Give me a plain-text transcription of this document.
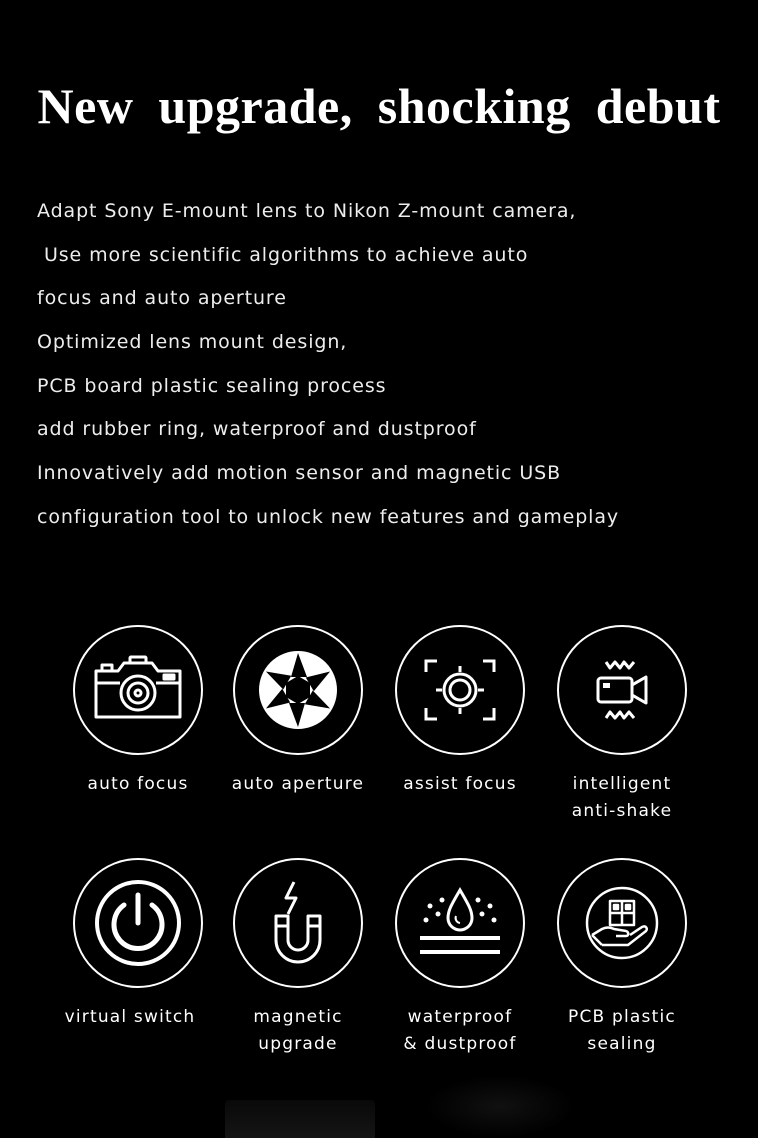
New upgrade, shocking debut
Adapt Sony E-mount lens to Nikon Z-mount camera,
Use more scientific algorithms to achieve auto
focus and auto aperture
Optimized lens mount design,
PCB board plastic sealing process
add rubber ring, waterproof and dustproof
Innovatively add motion sensor and magnetic USB
configuration tool to unlock new features and gameplay
auto focus	auto aperture	assist focus	intelligent
anti-shake
virtual switch	magnetic
upgrade
waterproof
& dustproof
PCB plastic
sealing
